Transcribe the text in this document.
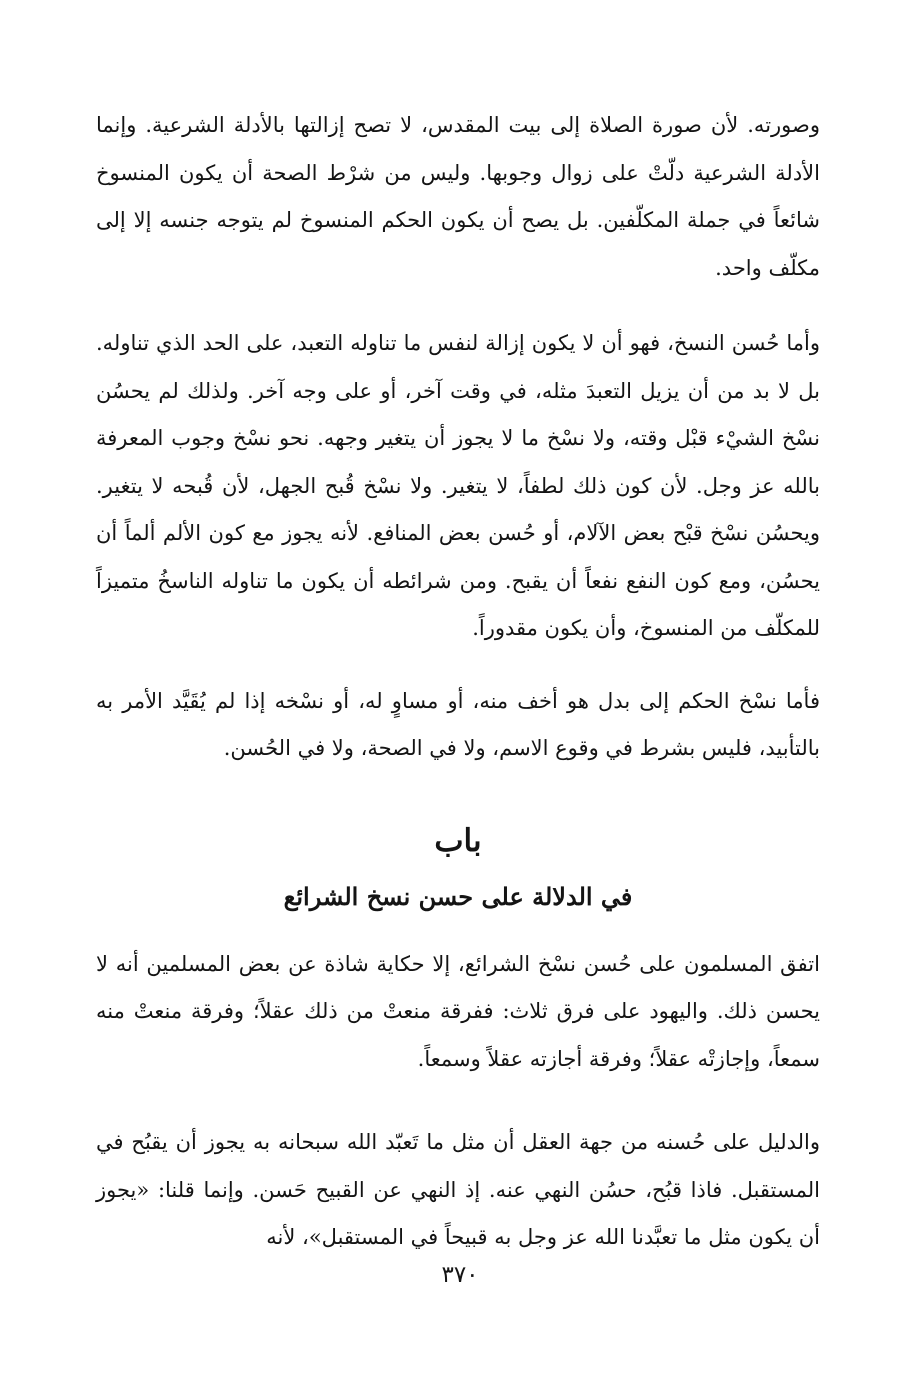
وصورته. لأن صورة الصلاة إلى بيت المقدس، لا تصح إزالتها بالأدلة الشرعية. وإنما الأدلة الشرعية دلّتْ على زوال وجوبها. وليس من شرْط الصحة أن يكون المنسوخ شائعاً في جملة المكلّفين. بل يصح أن يكون الحكم المنسوخ لم يتوجه جنسه إلا إلى مكلّف واحد.

وأما حُسن النسخ، فهو أن لا يكون إزالة لنفس ما تناوله التعبد، على الحد الذي تناوله. بل لا بد من أن يزيل التعبدَ مثله، في وقت آخر، أو على وجه آخر. ولذلك لم يحسُن نسْخ الشيْء قبْل وقته، ولا نسْخ ما لا يجوز أن يتغير وجهه. نحو نسْخ وجوب المعرفة بالله عز وجل. لأن كون ذلك لطفاً، لا يتغير. ولا نسْخ قُبح الجهل، لأن قُبحه لا يتغير. ويحسُن نسْخ قبْح بعض الآلام، أو حُسن بعض المنافع. لأنه يجوز مع كون الألم ألماً أن يحسُن، ومع كون النفع نفعاً أن يقبح. ومن شرائطه أن يكون ما تناوله الناسخُ متميزاً للمكلّف من المنسوخ، وأن يكون مقدوراً.

فأما نسْخ الحكم إلى بدل هو أخف منه، أو مساوٍ له، أو نسْخه إذا لم يُقَيَّد الأمر به بالتأبيد، فليس بشرط في وقوع الاسم، ولا في الصحة، ولا في الحُسن.

باب
في الدلالة على حسن نسخ الشرائع

اتفق المسلمون على حُسن نسْخ الشرائع، إلا حكاية شاذة عن بعض المسلمين أنه لا يحسن ذلك. واليهود على فرق ثلاث: ففرقة منعتْ من ذلك عقلاً؛ وفرقة منعتْ منه سمعاً، وإجازتْه عقلاً؛ وفرقة أجازته عقلاً وسمعاً.

والدليل على حُسنه من جهة العقل أن مثل ما تَعبّد الله سبحانه به يجوز أن يقبُح في المستقبل. فاذا قبُح، حسُن النهي عنه. إذ النهي عن القبيح حَسن. وإنما قلنا: «يجوز أن يكون مثل ما تعبَّدنا الله عز وجل به قبيحاً في المستقبل»، لأنه

٣٧٠
